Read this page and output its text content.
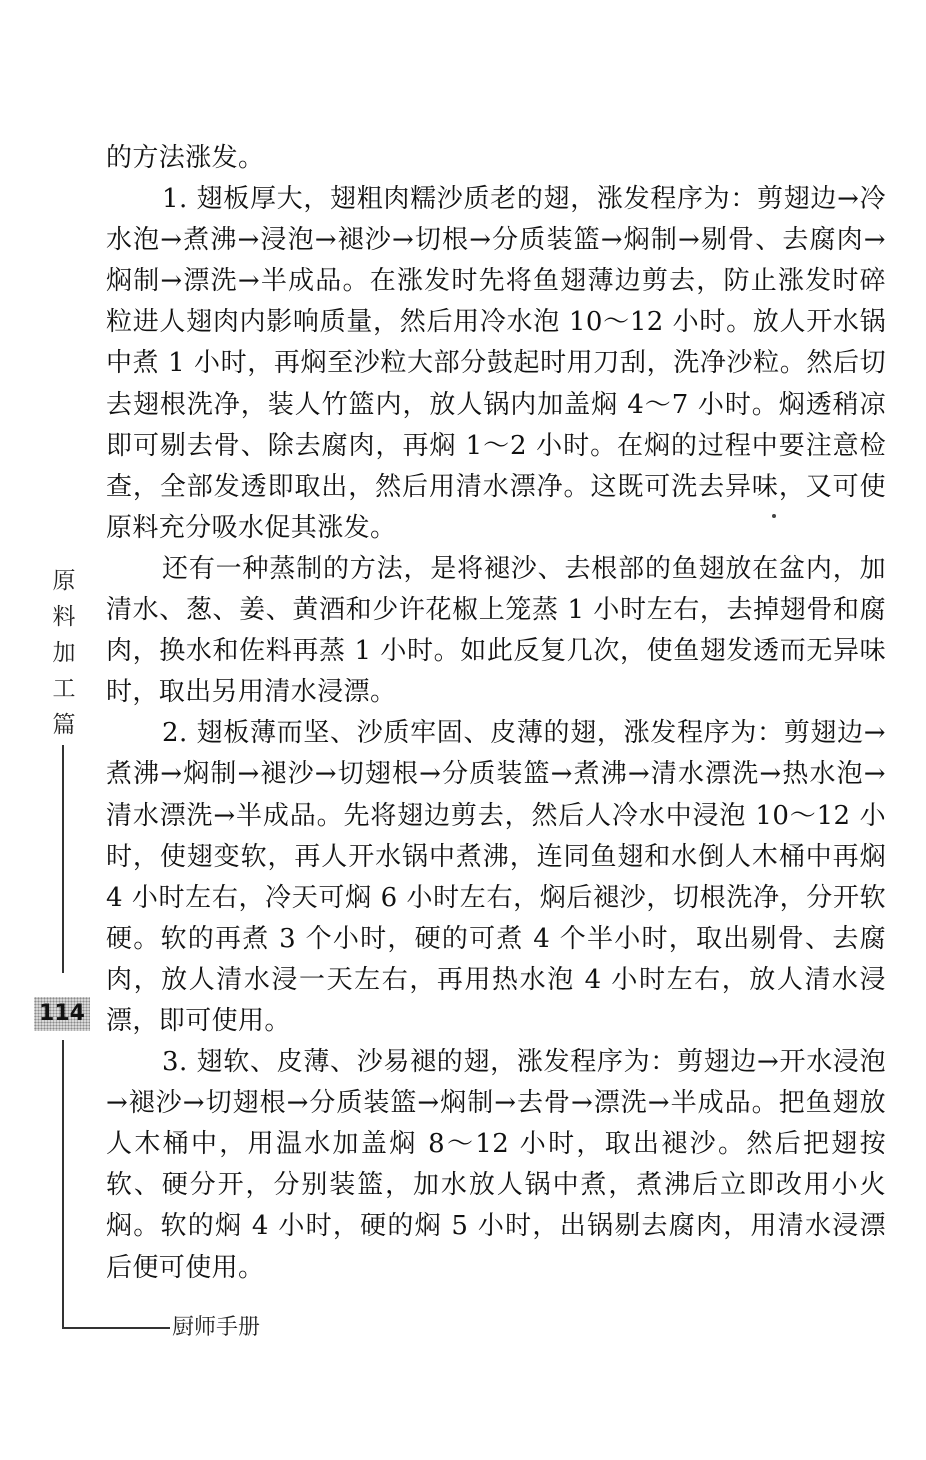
的方法涨发。

1. 翅板厚大，翅粗肉糯沙质老的翅，涨发程序为：剪翅边→冷水泡→煮沸→浸泡→褪沙→切根→分质装篮→焖制→剔骨、去腐肉→焖制→漂洗→半成品。在涨发时先将鱼翅薄边剪去，防止涨发时碎粒进人翅肉内影响质量，然后用冷水泡 10～12 小时。放人开水锅中煮 1 小时，再焖至沙粒大部分鼓起时用刀刮，洗净沙粒。然后切去翅根洗净，装人竹篮内，放人锅内加盖焖 4～7 小时。焖透稍凉即可剔去骨、除去腐肉，再焖 1～2 小时。在焖的过程中要注意检查，全部发透即取出，然后用清水漂净。这既可洗去异味，又可使原料充分吸水促其涨发。

还有一种蒸制的方法，是将褪沙、去根部的鱼翅放在盆内，加清水、葱、姜、黄酒和少许花椒上笼蒸 1 小时左右，去掉翅骨和腐肉，换水和佐料再蒸 1 小时。如此反复几次，使鱼翅发透而无异味时，取出另用清水浸漂。

2. 翅板薄而坚、沙质牢固、皮薄的翅，涨发程序为：剪翅边→煮沸→焖制→褪沙→切翅根→分质装篮→煮沸→清水漂洗→热水泡→清水漂洗→半成品。先将翅边剪去，然后人冷水中浸泡 10～12 小时，使翅变软，再人开水锅中煮沸，连同鱼翅和水倒人木桶中再焖 4 小时左右，冷天可焖 6 小时左右，焖后褪沙，切根洗净，分开软硬。软的再煮 3 个小时，硬的可煮 4 个半小时，取出剔骨、去腐肉，放人清水浸一天左右，再用热水泡 4 小时左右，放人清水浸漂，即可使用。

3. 翅软、皮薄、沙易褪的翅，涨发程序为：剪翅边→开水浸泡→褪沙→切翅根→分质装篮→焖制→去骨→漂洗→半成品。把鱼翅放人木桶中，用温水加盖焖 8～12 小时，取出褪沙。然后把翅按软、硬分开，分别装篮，加水放人锅中煮，煮沸后立即改用小火焖。软的焖 4 小时，硬的焖 5 小时，出锅剔去腐肉，用清水浸漂后便可使用。

原
料
加
工
篇
114
厨师手册
